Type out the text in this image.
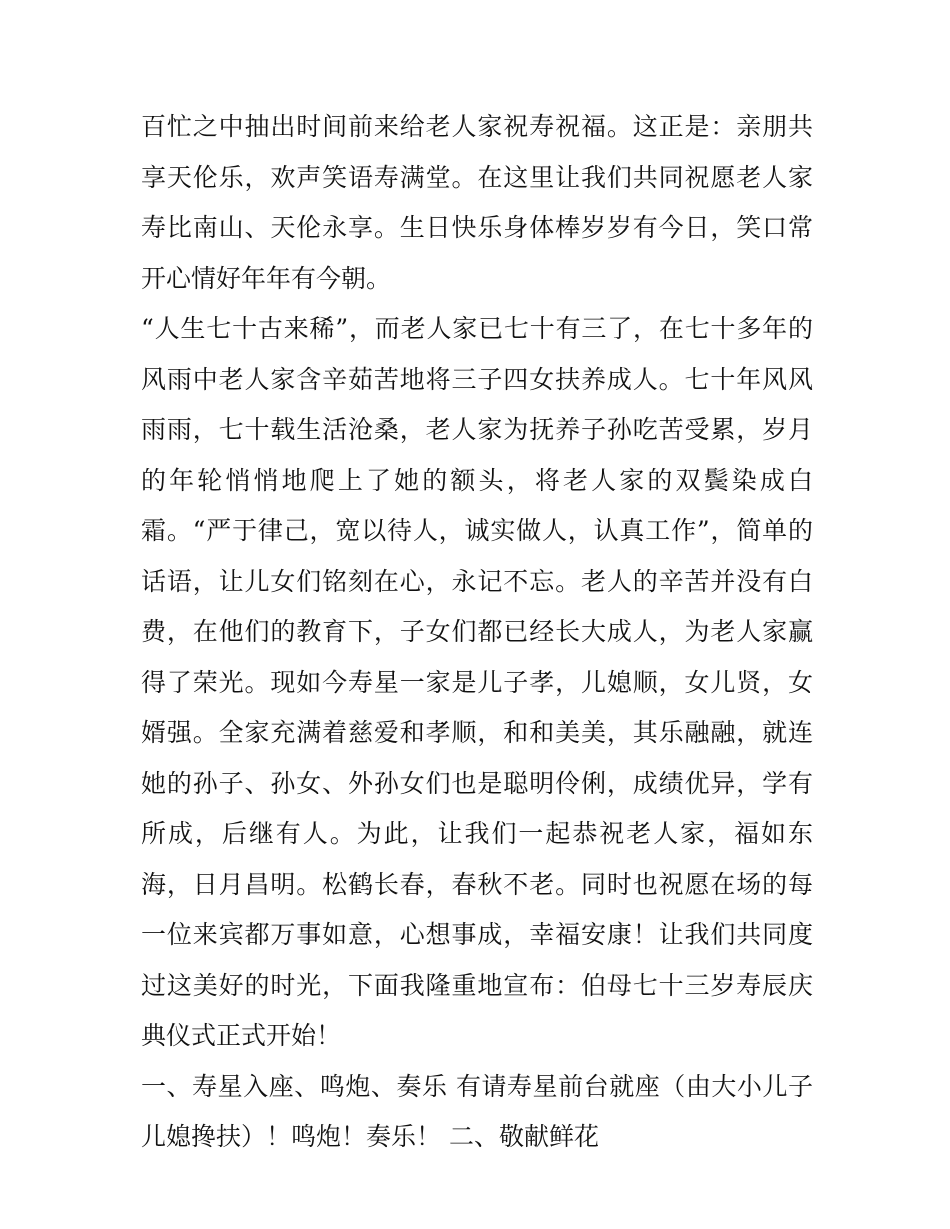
百忙之中抽出时间前来给老人家祝寿祝福。这正是：亲朋共享天伦乐，欢声笑语寿满堂。在这里让我们共同祝愿老人家寿比南山、天伦永享。生日快乐身体棒岁岁有今日，笑口常开心情好年年有今朝。

“人生七十古来稀”，而老人家已七十有三了，在七十多年的风雨中老人家含辛茹苦地将三子四女扶养成人。七十年风风雨雨，七十载生活沧桑，老人家为抚养子孙吃苦受累，岁月的年轮悄悄地爬上了她的额头，将老人家的双鬓染成白霜。“严于律己，宽以待人，诚实做人，认真工作”，简单的话语，让儿女们铭刻在心，永记不忘。老人的辛苦并没有白费，在他们的教育下，子女们都已经长大成人，为老人家赢得了荣光。现如今寿星一家是儿子孝，儿媳顺，女儿贤，女婿强。全家充满着慈爱和孝顺，和和美美，其乐融融，就连她的孙子、孙女、外孙女们也是聪明伶俐，成绩优异，学有所成，后继有人。为此，让我们一起恭祝老人家，福如东海，日月昌明。松鹤长春，春秋不老。同时也祝愿在场的每一位来宾都万事如意，心想事成，幸福安康！让我们共同度过这美好的时光，下面我隆重地宣布：伯母七十三岁寿辰庆典仪式正式开始！

一、寿星入座、鸣炮、奏乐 有请寿星前台就座（由大小儿子儿媳搀扶）！鸣炮！奏乐！ 二、敬献鲜花
